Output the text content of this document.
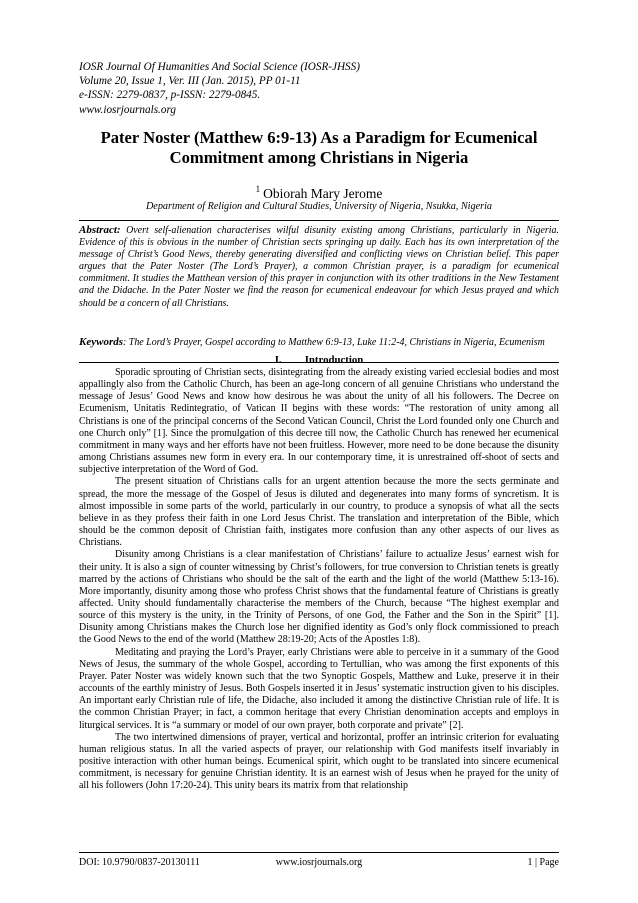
IOSR Journal Of Humanities And Social Science (IOSR-JHSS)
Volume 20, Issue 1, Ver. III (Jan. 2015), PP 01-11
e-ISSN: 2279-0837, p-ISSN: 2279-0845.
www.iosrjournals.org
Pater Noster (Matthew 6:9-13) As a Paradigm for Ecumenical
Commitment among Christians in Nigeria
$^1$ Obiorah Mary Jerome
Department of Religion and Cultural Studies, University of Nigeria, Nsukka, Nigeria
Abstract: Overt self-alienation characterises wilful disunity existing among Christians, particularly in Nigeria. Evidence of this is obvious in the number of Christian sects springing up daily. Each has its own interpretation of the message of Christ’s Good News, thereby generating diversified and conflicting views on Christian belief. This paper argues that the Pater Noster (The Lord’s Prayer), a common Christian prayer, is a paradigm for ecumenical commitment. It studies the Matthean version of this prayer in conjunction with its other traditions in the New Testament and the Didache. In the Pater Noster we find the reason for ecumenical endeavour for which Jesus prayed and which should be a concern of all Christians.
Keywords: The Lord’s Prayer, Gospel according to Matthew 6:9-13, Luke 11:2-4, Christians in Nigeria, Ecumenism
I. Introduction

Sporadic sprouting of Christian sects, disintegrating from the already existing varied ecclesial bodies and most appallingly also from the Catholic Church, has been an age-long concern of all genuine Christians who understand the message of Jesus’ Good News and know how desirous he was about the unity of all his followers. The Decree on Ecumenism, Unitatis Redintegratio, of Vatican II begins with these words: “The restoration of unity among all Christians is one of the principal concerns of the Second Vatican Council, Christ the Lord founded only one Church and one Church only” [1]. Since the promulgation of this decree till now, the Catholic Church has renewed her ecumenical commitment in many ways and her efforts have not been fruitless. However, more need to be done because the disunity among Christians assumes new form in every era. In our contemporary time, it is unrestrained off-shoot of sects and subjective interpretation of the Word of God.

The present situation of Christians calls for an urgent attention because the more the sects germinate and spread, the more the message of the Gospel of Jesus is diluted and degenerates into many forms of syncretism. It is almost impossible in some parts of the world, particularly in our country, to produce a synopsis of what all the sects believe in as they profess their faith in one Lord Jesus Christ. The translation and interpretation of the Bible, which should be the common deposit of Christian faith, instigates more confusion than any other aspects of our lives as Christians.

Disunity among Christians is a clear manifestation of Christians’ failure to actualize Jesus’ earnest wish for their unity. It is also a sign of counter witnessing by Christ’s followers, for true conversion to Christian tenets is greatly marred by the actions of Christians who should be the salt of the earth and the light of the world (Matthew 5:13-16). More importantly, disunity among those who profess Christ shows that the fundamental feature of Christians is greatly affected. Unity should fundamentally characterise the members of the Church, because “The highest exemplar and source of this mystery is the unity, in the Trinity of Persons, of one God, the Father and the Son in the Spirit” [1]. Disunity among Christians makes the Church lose her dignified identity as God’s only flock commissioned to preach the Good News to the end of the world (Matthew 28:19-20; Acts of the Apostles 1:8).

Meditating and praying the Lord’s Prayer, early Christians were able to perceive in it a summary of the Good News of Jesus, the summary of the whole Gospel, according to Tertullian, who was among the first exponents of this Prayer. Pater Noster was widely known such that the two Synoptic Gospels, Matthew and Luke, preserve it in their accounts of the earthly ministry of Jesus. Both Gospels inserted it in Jesus’ systematic instruction given to his disciples. An important early Christian rule of life, the Didache, also included it among the distinctive Christian rule of life. It is the common Christian Prayer; in fact, a common heritage that every Christian denomination accepts and employs in liturgical services. It is “a summary or model of our own prayer, both corporate and private” [2].

The two intertwined dimensions of prayer, vertical and horizontal, proffer an intrinsic criterion for evaluating human religious status. In all the varied aspects of prayer, our relationship with God manifests itself invariably in positive interaction with other human beings. Ecumenical spirit, which ought to be translated into sincere ecumenical commitment, is necessary for genuine Christian identity. It is an earnest wish of Jesus when he prayed for the unity of all his followers (John 17:20-24). This unity bears its matrix from that relationship

DOI: 10.9790/0837-20130111	www.iosrjournals.org	1 | Page
